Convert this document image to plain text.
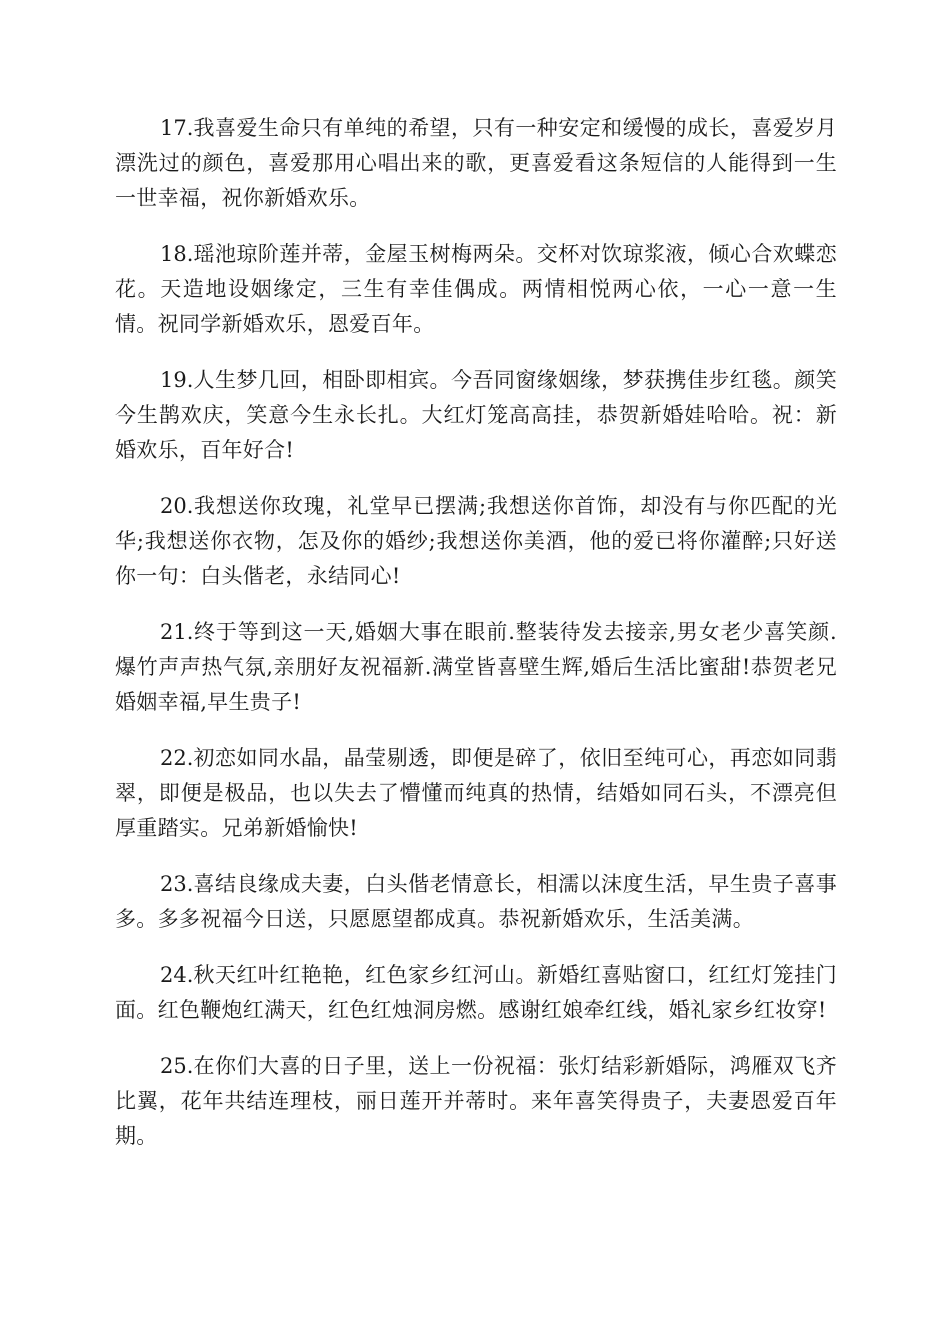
17.我喜爱生命只有单纯的希望，只有一种安定和缓慢的成长，喜爱岁月漂洗过的颜色，喜爱那用心唱出来的歌，更喜爱看这条短信的人能得到一生一世幸福，祝你新婚欢乐。

18.瑶池琼阶莲并蒂，金屋玉树梅两朵。交杯对饮琼浆液，倾心合欢蝶恋花。天造地设姻缘定，三生有幸佳偶成。两情相悦两心依，一心一意一生情。祝同学新婚欢乐，恩爱百年。

19.人生梦几回，相卧即相宾。今吾同窗缘姻缘，梦获携佳步红毯。颜笑今生鹊欢庆，笑意今生永长扎。大红灯笼高高挂，恭贺新婚娃哈哈。祝：新婚欢乐，百年好合!

20.我想送你玫瑰，礼堂早已摆满;我想送你首饰，却没有与你匹配的光华;我想送你衣物，怎及你的婚纱;我想送你美酒，他的爱已将你灌醉;只好送你一句：白头偕老，永结同心!

21.终于等到这一天,婚姻大事在眼前.整装待发去接亲,男女老少喜笑颜.爆竹声声热气氛,亲朋好友祝福新.满堂皆喜壁生辉,婚后生活比蜜甜!恭贺老兄婚姻幸福,早生贵子!

22.初恋如同水晶，晶莹剔透，即便是碎了，依旧至纯可心，再恋如同翡翠，即便是极品，也以失去了懵懂而纯真的热情，结婚如同石头，不漂亮但厚重踏实。兄弟新婚愉快!

23.喜结良缘成夫妻，白头偕老情意长，相濡以沫度生活，早生贵子喜事多。多多祝福今日送，只愿愿望都成真。恭祝新婚欢乐，生活美满。

24.秋天红叶红艳艳，红色家乡红河山。新婚红喜贴窗口，红红灯笼挂门面。红色鞭炮红满天，红色红烛洞房燃。感谢红娘牵红线，婚礼家乡红妆穿!

25.在你们大喜的日子里，送上一份祝福：张灯结彩新婚际，鸿雁双飞齐比翼，花年共结连理枝，丽日莲开并蒂时。来年喜笑得贵子，夫妻恩爱百年期。
